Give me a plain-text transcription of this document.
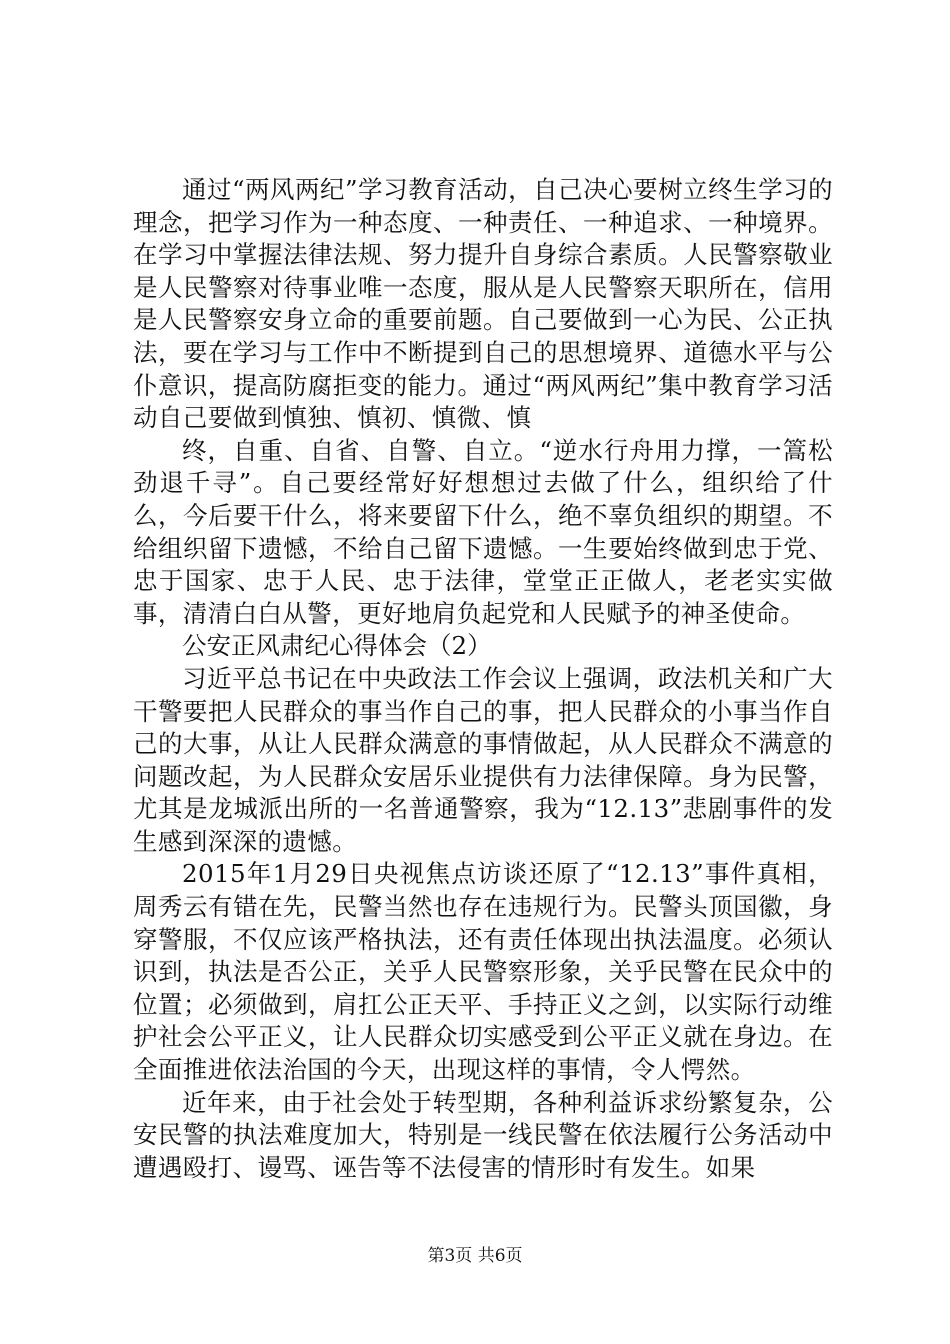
通过“两风两纪”学习教育活动，自己决心要树立终生学习的理念，把学习作为一种态度、一种责任、一种追求、一种境界。在学习中掌握法律法规、努力提升自身综合素质。人民警察敬业是人民警察对待事业唯一态度，服从是人民警察天职所在，信用是人民警察安身立命的重要前题。自己要做到一心为民、公正执法，要在学习与工作中不断提到自己的思想境界、道德水平与公仆意识，提高防腐拒变的能力。通过“两风两纪”集中教育学习活动自己要做到慎独、慎初、慎微、慎

终，自重、自省、自警、自立。“逆水行舟用力撑，一篙松劲退千寻”。自己要经常好好想想过去做了什么，组织给了什么，今后要干什么，将来要留下什么，绝不辜负组织的期望。不给组织留下遗憾，不给自己留下遗憾。一生要始终做到忠于党、忠于国家、忠于人民、忠于法律，堂堂正正做人，老老实实做事，清清白白从警，更好地肩负起党和人民赋予的神圣使命。

公安正风肃纪心得体会（2）

习近平总书记在中央政法工作会议上强调，政法机关和广大干警要把人民群众的事当作自己的事，把人民群众的小事当作自己的大事，从让人民群众满意的事情做起，从人民群众不满意的问题改起，为人民群众安居乐业提供有力法律保障。身为民警，尤其是龙城派出所的一名普通警察，我为“12.13”悲剧事件的发生感到深深的遗憾。

2015年1月29日央视焦点访谈还原了“12.13”事件真相，周秀云有错在先，民警当然也存在违规行为。民警头顶国徽，身穿警服，不仅应该严格执法，还有责任体现出执法温度。必须认识到，执法是否公正，关乎人民警察形象，关乎民警在民众中的位置；必须做到，肩扛公正天平、手持正义之剑，以实际行动维护社会公平正义，让人民群众切实感受到公平正义就在身边。在全面推进依法治国的今天，出现这样的事情，令人愕然。

近年来，由于社会处于转型期，各种利益诉求纷繁复杂，公安民警的执法难度加大，特别是一线民警在依法履行公务活动中遭遇殴打、谩骂、诬告等不法侵害的情形时有发生。如果

第3页 共6页
